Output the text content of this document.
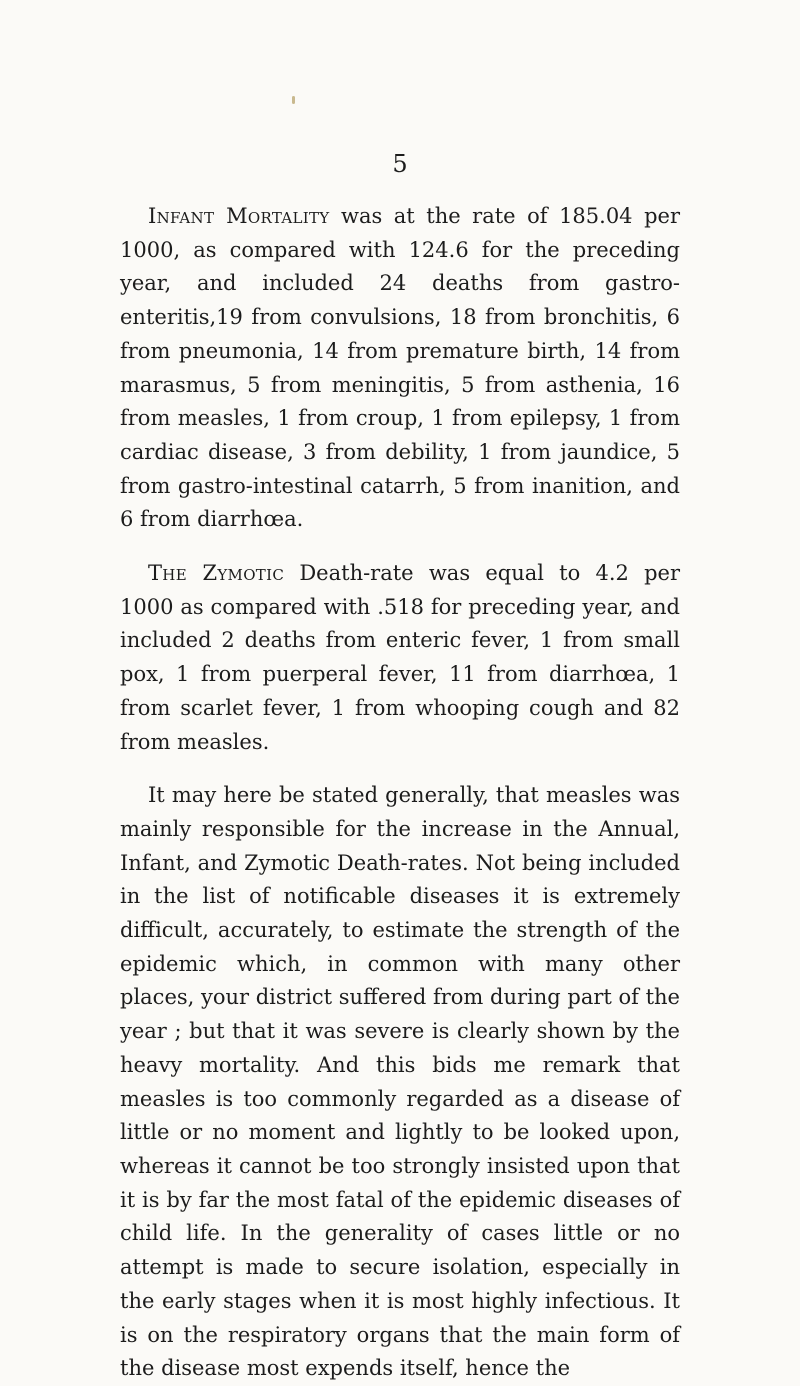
5

Infant Mortality was at the rate of 185.04 per 1000, as compared with 124.6 for the preceding year, and included 24 deaths from gastro-enteritis,19 from convulsions, 18 from bronchitis, 6 from pneumonia, 14 from premature birth, 14 from marasmus, 5 from meningitis, 5 from asthenia, 16 from measles, 1 from croup, 1 from epilepsy, 1 from cardiac disease, 3 from debility, 1 from jaundice, 5 from gastro-intestinal catarrh, 5 from inanition, and 6 from diarrhœa.

The Zymotic Death-rate was equal to 4.2 per 1000 as compared with .518 for preceding year, and included 2 deaths from enteric fever, 1 from small pox, 1 from puerperal fever, 11 from diarrhœa, 1 from scarlet fever, 1 from whooping cough and 82 from measles.

It may here be stated generally, that measles was mainly responsible for the increase in the Annual, Infant, and Zymotic Death-rates. Not being included in the list of notificable diseases it is extremely difficult, accurately, to estimate the strength of the epidemic which, in common with many other places, your district suffered from during part of the year ; but that it was severe is clearly shown by the heavy mortality. And this bids me remark that measles is too commonly regarded as a disease of little or no moment and lightly to be looked upon, whereas it cannot be too strongly insisted upon that it is by far the most fatal of the epidemic diseases of child life. In the generality of cases little or no attempt is made to secure isolation, especially in the early stages when it is most highly infectious. It is on the respiratory organs that the main form of the disease most expends itself, hence the
